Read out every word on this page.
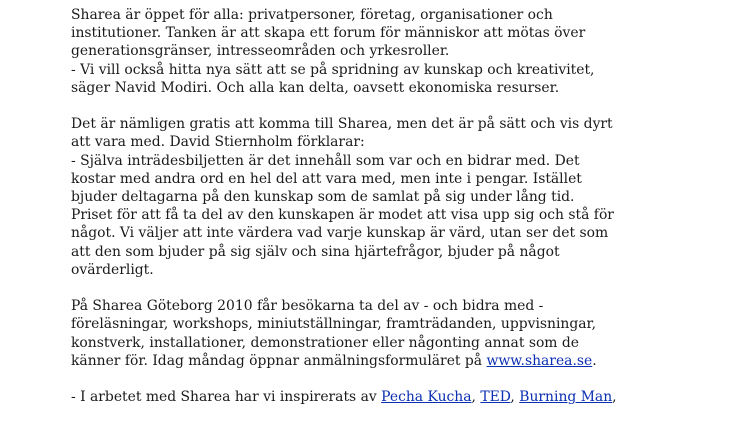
Sharea är öppet för alla: privatpersoner, företag, organisationer och
institutioner. Tanken är att skapa ett forum för människor att mötas över
generationsgränser, intresseområden och yrkesroller.
- Vi vill också hitta nya sätt att se på spridning av kunskap och kreativitet,
säger Navid Modiri. Och alla kan delta, oavsett ekonomiska resurser.

Det är nämligen gratis att komma till Sharea, men det är på sätt och vis dyrt
att vara med. David Stiernholm förklarar:
- Själva inträdesbiljetten är det innehåll som var och en bidrar med. Det
kostar med andra ord en hel del att vara med, men inte i pengar. Istället
bjuder deltagarna på den kunskap som de samlat på sig under lång tid.
Priset för att få ta del av den kunskapen är modet att visa upp sig och stå för
något. Vi väljer att inte värdera vad varje kunskap är värd, utan ser det som
att den som bjuder på sig själv och sina hjärtefrågor, bjuder på något
ovärderligt.

På Sharea Göteborg 2010 får besökarna ta del av - och bidra med -
föreläsningar, workshops, miniutställningar, framträdanden, uppvisningar,
konstverk, installationer, demonstrationer eller någonting annat som de
känner för. Idag måndag öppnar anmälningsformuläret på www.sharea.se.

- I arbetet med Sharea har vi inspirerats av Pecha Kucha, TED, Burning Man,
